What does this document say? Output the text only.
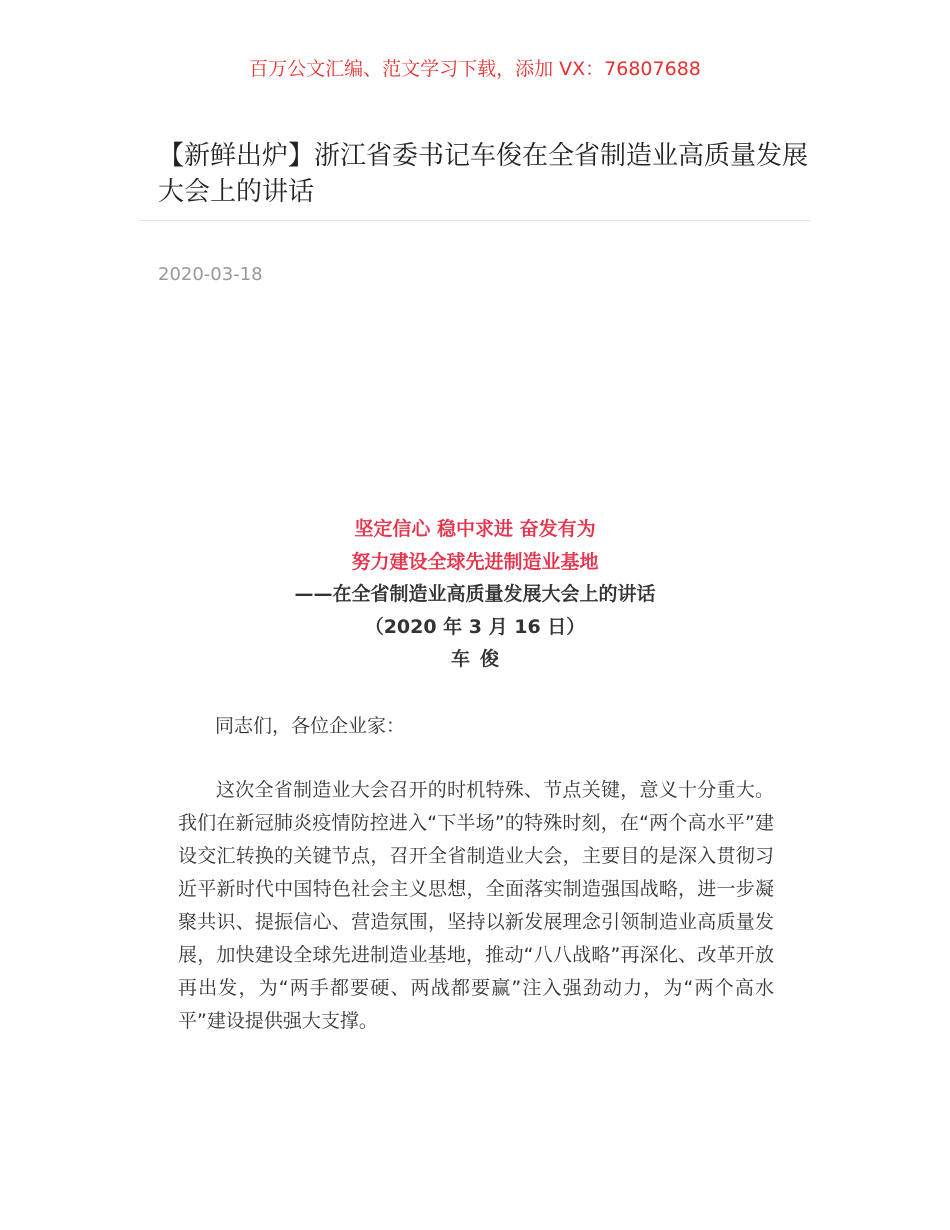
百万公文汇编、范文学习下载，添加 VX：76807688
【新鲜出炉】浙江省委书记车俊在全省制造业高质量发展大会上的讲话
2020-03-18
坚定信心 稳中求进 奋发有为
努力建设全球先进制造业基地
——在全省制造业高质量发展大会上的讲话
（2020 年 3 月 16 日）
车俊
同志们，各位企业家：

这次全省制造业大会召开的时机特殊、节点关键，意义十分重大。我们在新冠肺炎疫情防控进入“下半场”的特殊时刻，在“两个高水平”建设交汇转换的关键节点，召开全省制造业大会，主要目的是深入贯彻习近平新时代中国特色社会主义思想，全面落实制造强国战略，进一步凝聚共识、提振信心、营造氛围，坚持以新发展理念引领制造业高质量发展，加快建设全球先进制造业基地，推动“八八战略”再深化、改革开放再出发，为“两手都要硬、两战都要赢”注入强劲动力，为“两个高水平”建设提供强大支撑。
